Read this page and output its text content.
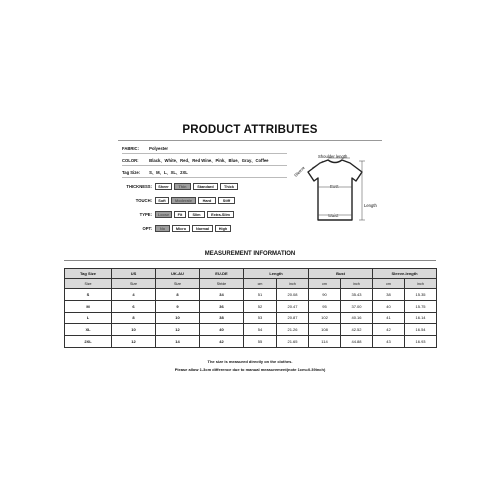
PRODUCT ATTRIBUTES
FABRIC: Polyester
COLOR:	Black、White、Red、Red Wine、Pink、Blue、Gray、Coffee
Tag Size: S、M、L、XL、2XL
THICKNESS:	Sheer	Thin	Standard	Thick
TOUCH:	Soft	Moderate	Hard	Stiff
TYPE:	Loose	Fit	Slim	Extra-Slim
OPT:	No	Micro	Normal	High
Shoulder length
Sleeve
Bust
Length
Waist
MEASUREMENT INFORMATION
Tag Size	US	UK-AU	EU-DE	Length		Bust		Sleeve-length	
Size	Size	Size	Stride	cm	inch	cm	inch	cm	inch
S	4	8	34	51	20.08	90	35.43	38	15.35
M	6	9	36	52	20.47	95	37.00	40	15.75
L	8	10	38	53	20.87	102	40.16	41	16.14
XL	10	12	40	54	21.26	108	42.52	42	16.54
2XL	12	14	42	55	21.65	114	44.88	43	16.93
The size is measured directly on the clothes.
Please allow 1-3cm difference due to manual measurement(note 1cm=0.39inch)
